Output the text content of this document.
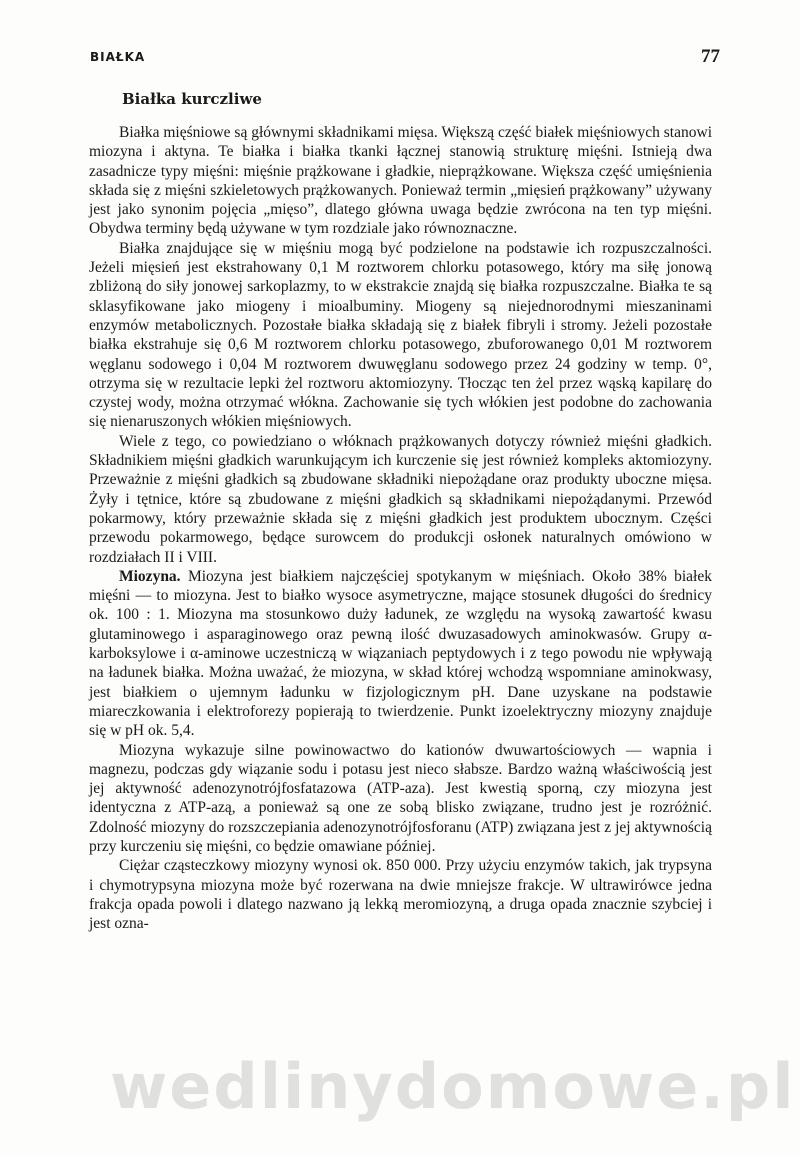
BIAŁKA	77
Białka kurczliwe

Białka mięśniowe są głównymi składnikami mięsa. Większą część białek mięśniowych stanowi miozyna i aktyna. Te białka i białka tkanki łącznej stanowią strukturę mięśni. Istnieją dwa zasadnicze typy mięśni: mięśnie prążkowane i gładkie, nieprążkowane. Większa część umięśnienia składa się z mięśni szkieletowych prążkowanych. Ponieważ termin „mięsień prążkowany” używany jest jako synonim pojęcia „mięso”, dlatego główna uwaga będzie zwrócona na ten typ mięśni. Obydwa terminy będą używane w tym rozdziale jako równoznaczne.

Białka znajdujące się w mięśniu mogą być podzielone na podstawie ich rozpuszczalności. Jeżeli mięsień jest ekstrahowany 0,1 M roztworem chlorku potasowego, który ma siłę jonową zbliżoną do siły jonowej sarkoplazmy, to w ekstrakcie znajdą się białka rozpuszczalne. Białka te są sklasyfikowane jako miogeny i mioalbuminy. Miogeny są niejednorodnymi mieszaninami enzymów metabolicznych. Pozostałe białka składają się z białek fibryli i stromy. Jeżeli pozostałe białka ekstrahuje się 0,6 M roztworem chlorku potasowego, zbuforowanego 0,01 M roztworem węglanu sodowego i 0,04 M roztworem dwuwęglanu sodowego przez 24 godziny w temp. 0°, otrzyma się w rezultacie lepki żel roztworu aktomiozyny. Tłocząc ten żel przez wąską kapilarę do czystej wody, można otrzymać włókna. Zachowanie się tych włókien jest podobne do zachowania się nienaruszonych włókien mięśniowych.

Wiele z tego, co powiedziano o włóknach prążkowanych dotyczy również mięśni gładkich. Składnikiem mięśni gładkich warunkującym ich kurczenie się jest również kompleks aktomiozyny. Przeważnie z mięśni gładkich są zbudowane składniki niepożądane oraz produkty uboczne mięsa. Żyły i tętnice, które są zbudowane z mięśni gładkich są składnikami niepożądanymi. Przewód pokarmowy, który przeważnie składa się z mięśni gładkich jest produktem ubocznym. Części przewodu pokarmowego, będące surowcem do produkcji osłonek naturalnych omówiono w rozdziałach II i VIII.

Miozyna. Miozyna jest białkiem najczęściej spotykanym w mięśniach. Około 38% białek mięśni — to miozyna. Jest to białko wysoce asymetryczne, mające stosunek długości do średnicy ok. 100 : 1. Miozyna ma stosunkowo duży ładunek, ze względu na wysoką zawartość kwasu glutaminowego i asparaginowego oraz pewną ilość dwuzasadowych aminokwasów. Grupy α-karboksylowe i α-aminowe uczestniczą w wiązaniach peptydowych i z tego powodu nie wpływają na ładunek białka. Można uważać, że miozyna, w skład której wchodzą wspomniane aminokwasy, jest białkiem o ujemnym ładunku w fizjologicznym pH. Dane uzyskane na podstawie miareczkowania i elektroforezy popierają to twierdzenie. Punkt izoelektryczny miozyny znajduje się w pH ok. 5,4.

Miozyna wykazuje silne powinowactwo do kationów dwuwartościowych — wapnia i magnezu, podczas gdy wiązanie sodu i potasu jest nieco słabsze. Bardzo ważną właściwością jest jej aktywność adenozynotrójfosfatazowa (ATP-aza). Jest kwestią sporną, czy miozyna jest identyczna z ATP-azą, a ponieważ są one ze sobą blisko związane, trudno jest je rozróżnić. Zdolność miozyny do rozszczepiania adenozynotrójfosforanu (ATP) związana jest z jej aktywnością przy kurczeniu się mięśni, co będzie omawiane później.

Ciężar cząsteczkowy miozyny wynosi ok. 850 000. Przy użyciu enzymów takich, jak trypsyna i chymotrypsyna miozyna może być rozerwana na dwie mniejsze frakcje. W ultrawirówce jedna frakcja opada powoli i dlatego nazwano ją lekką meromiozyną, a druga opada znacznie szybciej i jest ozna-

wedlinydomowe.pl
